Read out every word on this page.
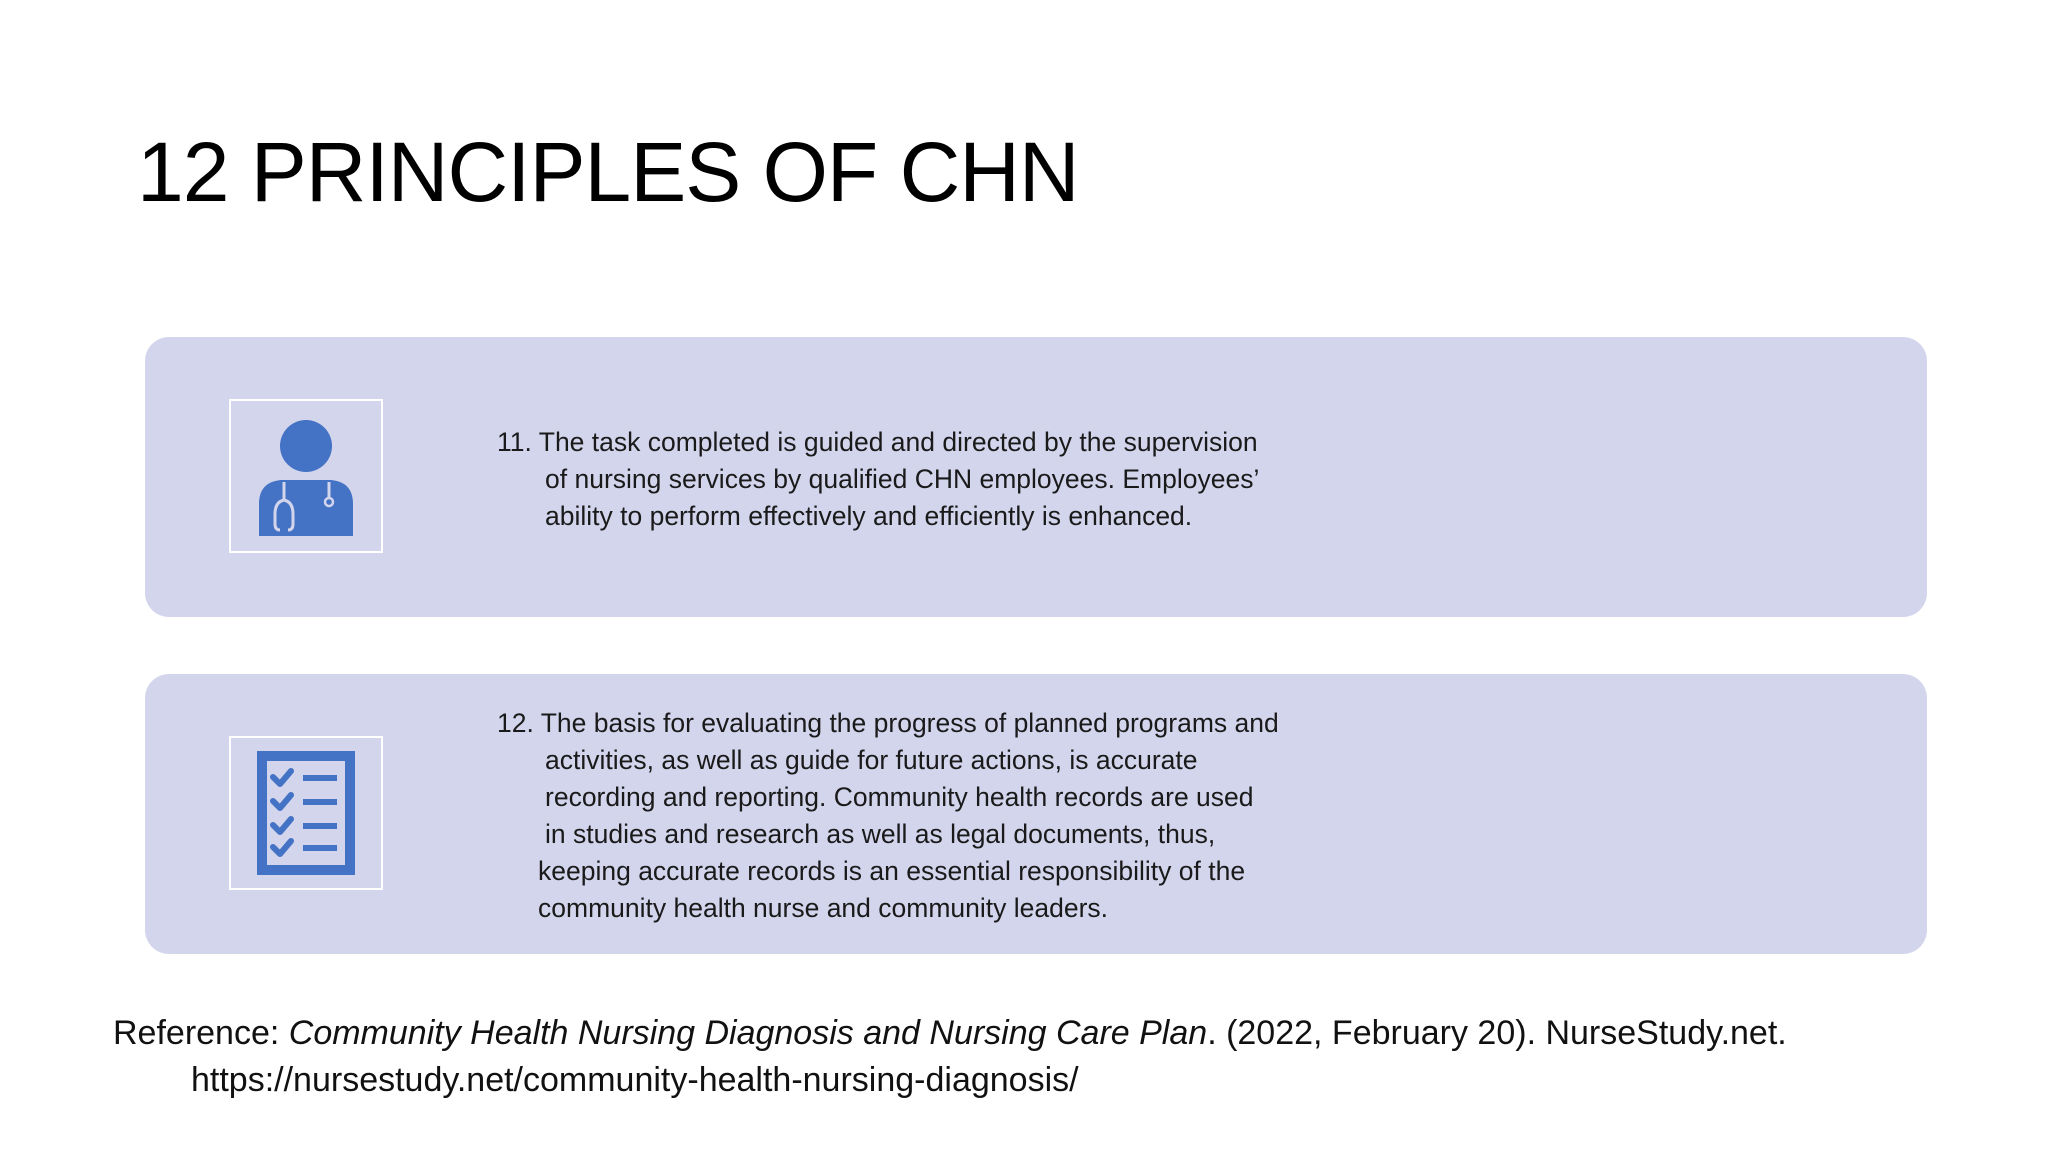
12 PRINCIPLES OF CHN
11. The task completed is guided and directed by the supervision
of nursing services by qualified CHN employees. Employees’
ability to perform effectively and efficiently is enhanced.
12. The basis for evaluating the progress of planned programs and
activities, as well as guide for future actions, is accurate
recording and reporting. Community health records are used
in studies and research as well as legal documents, thus,
keeping accurate records is an essential responsibility of the
community health nurse and community leaders.
Reference: Community Health Nursing Diagnosis and Nursing Care Plan. (2022, February 20). NurseStudy.net.
https://nursestudy.net/community-health-nursing-diagnosis/
